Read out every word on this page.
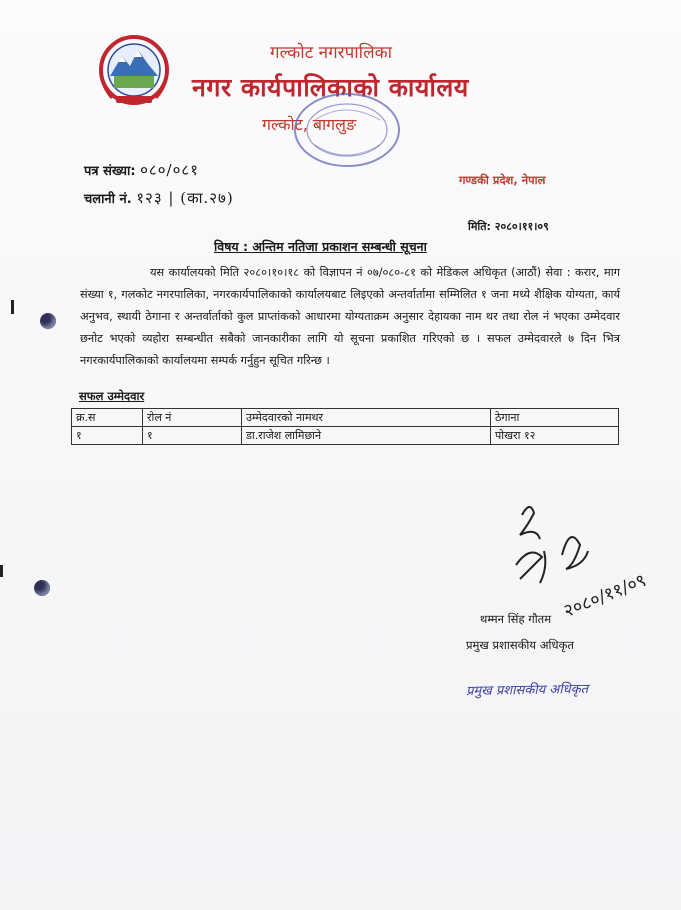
गल्कोट नगरपालिका
नगर कार्यपालिकाको कार्यालय
गल्कोट, बागलुङ
पत्र संख्या: ०८०/०८१
चलानी नं. १२३ | (का.२७)
गण्डकी प्रदेश, नेपाल
मिति: २०८०।११।०९
विषय : अन्तिम नतिजा प्रकाशन सम्बन्धी सूचना
यस कार्यालयको मिति २०८०।१०।१८ को विज्ञापन नं ०७/०८०-८१ को मेडिकल अधिकृत (आठौं) सेवा : करार, माग संख्या १, गलकोट नगरपालिका, नगरकार्यपालिकाको कार्यालयबाट लिइएको अन्तर्वार्तामा सम्मिलित १ जना मध्ये शैक्षिक योग्यता, कार्य अनुभव, स्थायी ठेगाना र अन्तर्वार्ताको कुल प्राप्तांकको आधारमा योग्यताक्रम अनुसार देहायका नाम थर तथा रोल नं भएका उम्मेदवार छनोट भएको व्यहोरा सम्बन्धीत सबैको जानकारीका लागि यो सूचना प्रकाशित गरिएको छ । सफल उम्मेदवारले ७ दिन भित्र नगरकार्यपालिकाको कार्यालयमा सम्पर्क गर्नुहुन सूचित गरिन्छ ।
सफल उम्मेदवार
क्र.स	रोल नं	उम्मेदवारको नामथर	ठेगाना
१	१	डा.राजेश लामिछाने	पोखरा १२
२०८०/११/०९
थम्मन सिंह गौतम
प्रमुख प्रशासकीय अधिकृत
प्रमुख प्रशासकीय अधिकृत
